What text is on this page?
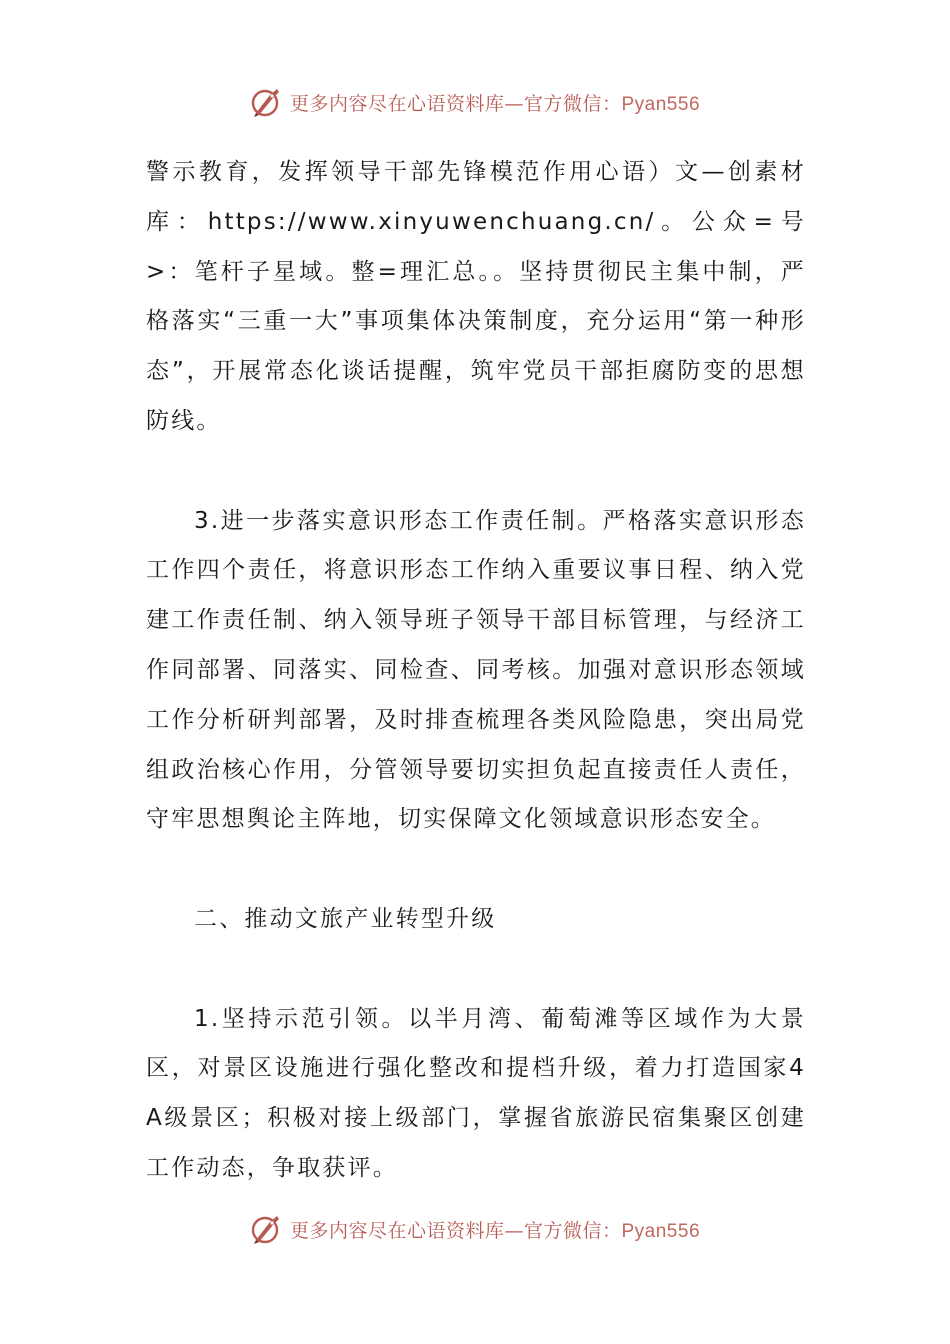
更多内容尽在心语资料库—官方微信：Pyan556

警示教育，发挥领导干部先锋模范作用心语）文—创素材库：https://www.xinyuwenchuang.cn/。公众=号>：笔杆子星域。整=理汇总。。坚持贯彻民主集中制，严格落实“三重一大”事项集体决策制度，充分运用“第一种形态”，开展常态化谈话提醒，筑牢党员干部拒腐防变的思想防线。

3.进一步落实意识形态工作责任制。严格落实意识形态工作四个责任，将意识形态工作纳入重要议事日程、纳入党建工作责任制、纳入领导班子领导干部目标管理，与经济工作同部署、同落实、同检查、同考核。加强对意识形态领域工作分析研判部署，及时排查梳理各类风险隐患，突出局党组政治核心作用，分管领导要切实担负起直接责任人责任，守牢思想舆论主阵地，切实保障文化领域意识形态安全。

二、推动文旅产业转型升级

1.坚持示范引领。以半月湾、葡萄滩等区域作为大景区，对景区设施进行强化整改和提档升级，着力打造国家4A级景区；积极对接上级部门，掌握省旅游民宿集聚区创建工作动态，争取获评。

更多内容尽在心语资料库—官方微信：Pyan556
